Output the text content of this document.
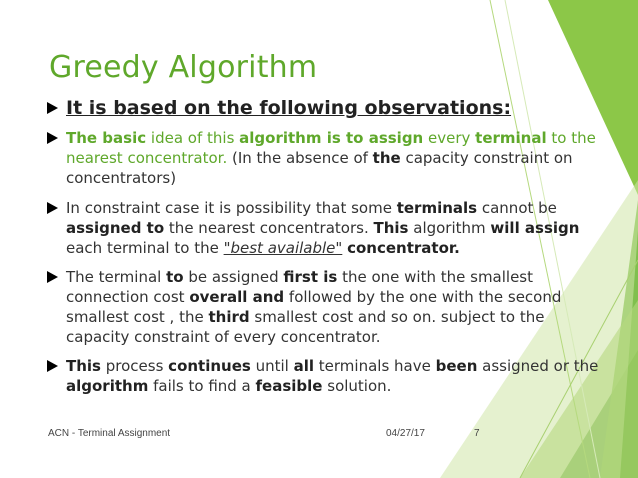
Greedy Algorithm
It is based on the following observations:
The basic idea of this algorithm is to assign every terminal to the nearest concentrator. (In the absence of the capacity constraint on concentrators)
In constraint case it is possibility that some terminals cannot be assigned to the nearest concentrators. This algorithm will assign each terminal to the "best available" concentrator.
The terminal to be assigned first is the one with the smallest connection cost overall and followed by the one with the second smallest cost , the third smallest cost and so on. subject to the capacity constraint of every concentrator.
This process continues until all terminals have been assigned or the algorithm fails to find a feasible solution.
ACN - Terminal Assignment	04/27/17	7
